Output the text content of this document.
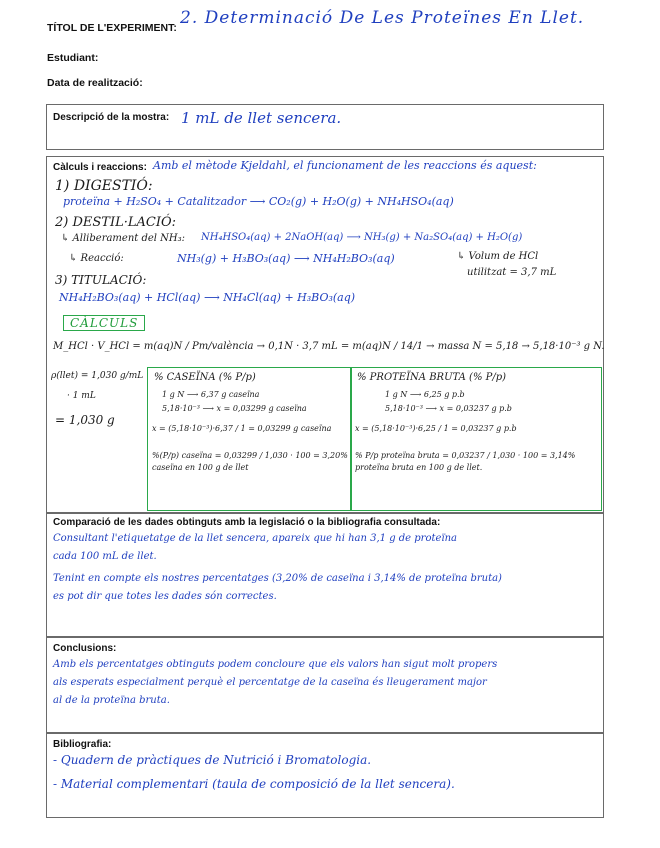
TÍTOL DE L'EXPERIMENT: 2. Determinació De Les Proteïnes En Llet.
Estudiant:
Data de realització:
Descripció de la mostra: 1 mL de llet sencera.
Càlculs i reaccions: Amb el mètode Kjeldahl, el funcionament de les reaccions és aquest:
1) DIGESTIÓ:
proteïna + H₂SO₄ + Catalitzador ⟶ CO₂(g) + H₂O(g) + NH₄HSO₄(aq)
2) DESTIL·LACIÓ:
↳ Alliberament del NH₃: NH₄HSO₄(aq) + 2NaOH(aq) ⟶ NH₃(g) + Na₂SO₄(aq) + H₂O(g)
↳ Reacció:	NH₃(g) + H₃BO₃(aq) ⟶ NH₄H₂BO₃(aq)	↳ Volum de HCl
utilitzat = 3,7 mL
3) TITULACIÓ:
NH₄H₂BO₃(aq) + HCl(aq) ⟶ NH₄Cl(aq) + H₃BO₃(aq)
CÀLCULS
M_HCl · V_HCl = m(aq)N / Pm/valència → 0,1N · 3,7 mL = m(aq)N / 14/1 → massa N = 5,18 → 5,18·10⁻³ g N.
ρ(llet) = 1,030 g/mL
· 1 mL
= 1,030 g
% CASEÏNA (% P/p)
1 g N ⟶ 6,37 g caseïna
5,18·10⁻³ ⟶ x = 0,03299 g caseïna
x = (5,18·10⁻³)·6,37 / 1 = 0,03299 g caseïna
%(P/p) caseïna = 0,03299 / 1,030 · 100 = 3,20% caseïna en 100 g de llet
% PROTEÏNA BRUTA (% P/p)
1 g N ⟶ 6,25 g p.b
5,18·10⁻³ ⟶ x = 0,03237 g p.b
x = (5,18·10⁻³)·6,25 / 1 = 0,03237 g p.b
% P/p proteïna bruta = 0,03237 / 1,030 · 100 = 3,14% proteïna bruta en 100 g de llet.
Comparació de les dades obtinguts amb la legislació o la bibliografia consultada:
Consultant l'etiquetatge de la llet sencera, apareix que hi han 3,1 g de proteïna
cada 100 mL de llet.
Tenint en compte els nostres percentatges (3,20% de caseïna i 3,14% de proteïna bruta)
es pot dir que totes les dades són correctes.
Conclusions:
Amb els percentatges obtinguts podem concloure que els valors han sigut molt propers
als esperats especialment perquè el percentatge de la caseïna és lleugerament major
al de la proteïna bruta.
Bibliografia:
- Quadern de pràctiques de Nutrició i Bromatologia.
- Material complementari (taula de composició de la llet sencera).
